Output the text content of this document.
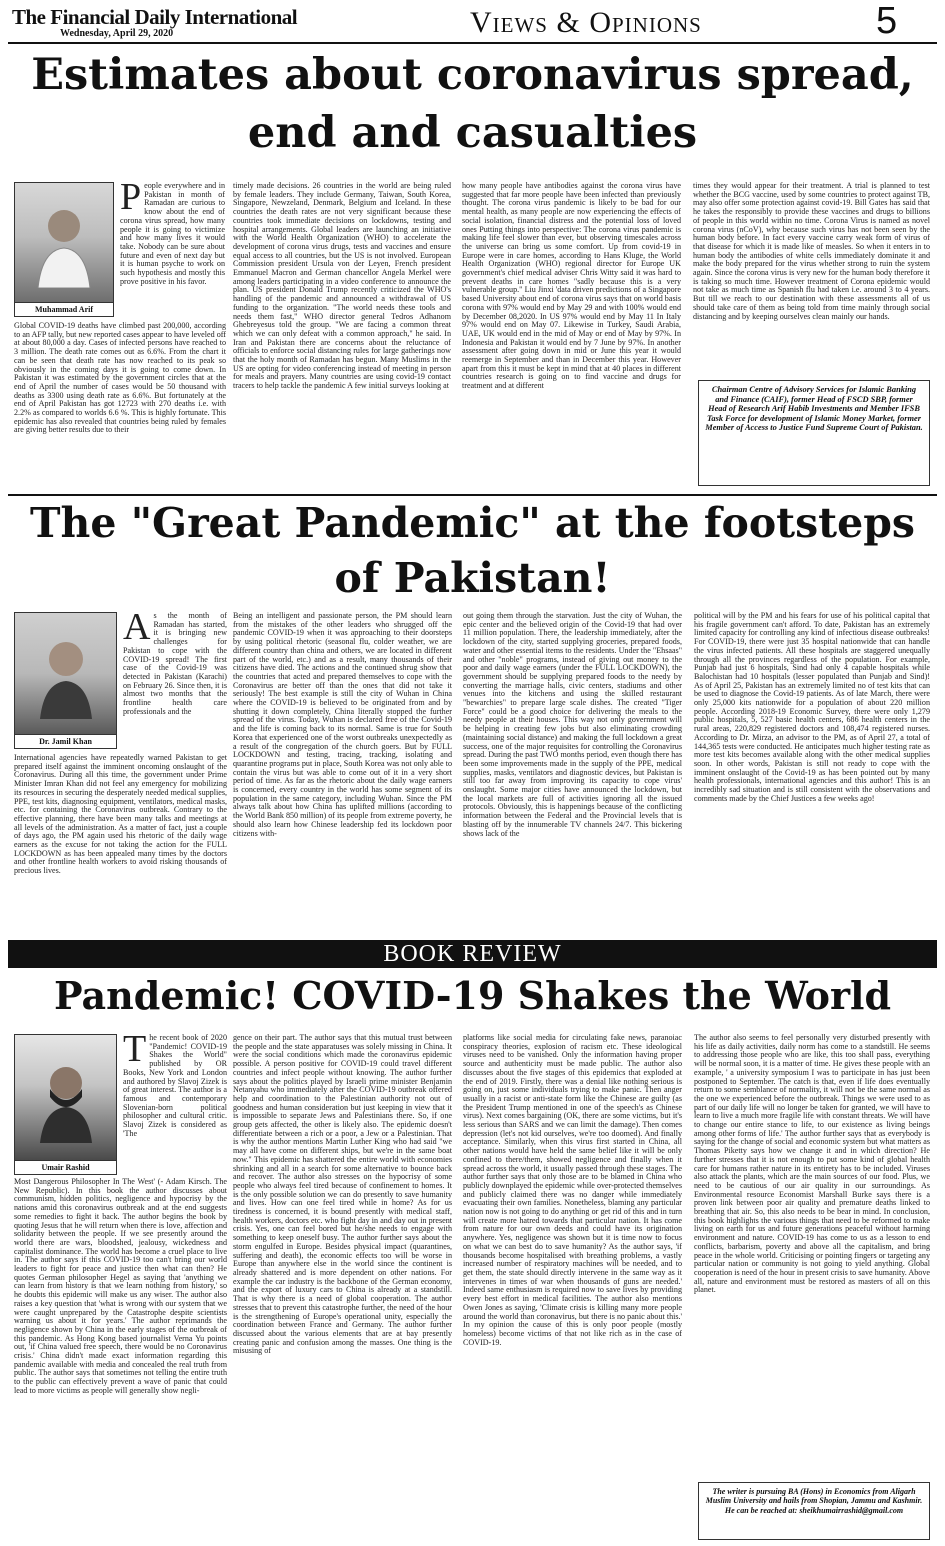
The Financial Daily International
Wednesday, April 29, 2020	Views & Opinions	5
Estimates about coronavirus spread,
end and casualties
Muhammad Arif
People everywhere and in Pakistan in month of Ramadan are curious to know about the end of corona virus spread, how many people it is going to victimize and how many lives it would take. Nobody can be sure about future and even of next day but it is human psyche to work on such hypothesis and mostly this prove positive in his favor.
Global COVID-19 deaths have climbed past 200,000, according to an AFP tally, but new reported cases appear to have leveled off at about 80,000 a day. Cases of infected persons have reached to 3 million. The death rate comes out as 6.6%. From the chart it can be seen that death rate has now reached to its peak so obviously in the coming days it is going to come down. In Pakistan it was estimated by the government circles that at the end of April the number of cases would be 50 thousand with deaths as 3300 using death rate as 6.6%. But fortunately at the end of April Pakistan has got 12723 with 270 deaths i.e. with 2.2% as compared to worlds 6.6 %. This is highly fortunate. This epidemic has also revealed that countries being ruled by females are giving better results due to their
timely made decisions. 26 countries in the world are being ruled by female leaders. They include Germany, Taiwan, South Korea, Singapore, Newzeland, Denmark, Belgium and Iceland. In these countries the death rates are not very significant because these countries took immediate decisions on lockdowns, testing and hospital arrangements. Global leaders are launching an initiative with the World Health Organization (WHO) to accelerate the development of corona virus drugs, tests and vaccines and ensure equal access to all countries, but the US is not involved. European Commission president Ursula von der Leyen, French president Emmanuel Macron and German chancellor Angela Merkel were among leaders participating in a video conference to announce the plan. US president Donald Trump recently criticized the WHO's handling of the pandemic and announced a withdrawal of US funding to the organization. "The world needs these tools and needs them fast," WHO director general Tedros Adhanom Ghebreyesus told the group. "We are facing a common threat which we can only defeat with a common approach," he said. In Iran and Pakistan there are concerns about the reluctance of officials to enforce social distancing rules for large gatherings now that the holy month of Ramadan has begun. Many Muslims in the US are opting for video conferencing instead of meeting in person for meals and prayers. Many countries are using covid-19 contact tracers to help tackle the pandemic A few initial surveys looking at
how many people have antibodies against the corona virus have suggested that far more people have been infected than previously thought. The corona virus pandemic is likely to be bad for our mental health, as many people are now experiencing the effects of social isolation, financial distress and the potential loss of loved ones Putting things into perspective: The corona virus pandemic is making life feel slower than ever, but observing timescales across the universe can bring us some comfort. Up from covid-19 in Europe were in care homes, according to Hans Kluge, the World Health Organization (WHO) regional director for Europe UK government's chief medical adviser Chris Witty said it was hard to prevent deaths in care homes "sadly because this is a very vulnerable group." Liu Jinxi 'data driven predictions of a Singapore based University about end of corona virus says that on world basis corona with 97% would end by May 29 and with 100% would end by December 08,2020. In US 97% would end by May 11 In Italy 97% would end on May 07. Likewise in Turkey, Saudi Arabia, UAE, UK would end in the mid of May or end of May by 97%. In Indonesia and Pakistan it would end by 7 June by 97%. In another assessment after going down in mid or June this year it would reemerge in September and than in December this year. However apart from this it must be kept in mind that at 40 places in different countries research is going on to find vaccine and drugs for treatment and at different
times they would appear for their treatment. A trial is planned to test whether the BCG vaccine, used by some countries to protect against TB, may also offer some protection against covid-19. Bill Gates has said that he takes the responsibly to provide these vaccines and drugs to billions of people in this world within no time. Corona Virus is named as novel corona virus (nCoV), why because such virus has not been seen by the human body before. In fact every vaccine carry weak form of virus of that disease for which it is made like of measles. So when it enters in to human body the antibodies of white cells immediately dominate it and make the body prepared for the virus whether strong to ruin the system again. Since the corona virus is very new for the human body therefore it is taking so much time. However treatment of Corona epidemic would not take as much time as Spanish flu had taken i.e. around 3 to 4 years. But till we reach to our destination with these assessments all of us should take care of them as being told from time mainly through social distancing and by keeping ourselves clean mainly our hands.
Chairman Centre of Advisory Services for Islamic Banking and Finance (CAIF), former Head of FSCD SBP, former Head of Research Arif Habib Investments and Member IFSB Task Force for development of Islamic Money Market, former Member of Access to Justice Fund Supreme Court of Pakistan.
The "Great Pandemic" at the footsteps
of Pakistan!
Dr. Jamil Khan
As the month of Ramadan has started, it is bringing new challenges for Pakistan to cope with the COVID-19 spread! The first case of the Covid-19 was detected in Pakistan (Karachi) on February 26. Since then, it is almost two months that the frontline health care professionals and the
International agencies have repeatedly warned Pakistan to get prepared itself against the imminent oncoming onslaught of the Coronavirus. During all this time, the government under Prime Minister Imran Khan did not feel any emergency for mobilizing its resources in securing the desperately needed medical supplies, PPE, test kits, diagnosing equipment, ventilators, medical masks, etc. for containing the Coronavirus outbreak. Contrary to the effective planning, there have been many talks and meetings at all levels of the administration. As a matter of fact, just a couple of days ago, the PM again used his rhetoric of the daily wage earners as the excuse for not taking the action for the FULL LOCKDOWN as has been appealed many times by the doctors and other frontline health workers to avoid risking thousands of precious lives.
Being an intelligent and passionate person, the PM should learn from the mistakes of the other leaders who shrugged off the pandemic COVID-19 when it was approaching to their doorsteps by using political rhetoric (seasonal flu, colder weather, we are different country than china and others, we are located in different part of the world, etc.) and as a result, many thousands of their citizens have died. The actions and the continued shrug show that the countries that acted and prepared themselves to cope with the Coronavirus are better off than the ones that did not take it seriously! The best example is still the city of Wuhan in China where the COVID-19 is believed to be originated from and by shutting it down completely, China literally stopped the further spread of the virus. Today, Wuhan is declared free of the Covid-19 and the life is coming back to its normal. Same is true for South Korea that experienced one of the worst outbreaks unexpectedly as a result of the congregation of the church goers. But by FULL LOCKDOWN and testing, tracing, tracking, isolating and quarantine programs put in place, South Korea was not only able to contain the virus but was able to come out of it in a very short period of time. As far as the rhetoric about the daily wage earners is concerned, every country in the world has some segment of its population in the same category, including Wuhan. Since the PM always talk about how China has uplifted millions (according to the World Bank 850 million) of its people from extreme poverty, he should also learn how Chinese leadership fed its lockdown poor citizens with-
out going them through the starvation. Just the city of Wuhan, the epic center and the believed origin of the Covid-19 that had over 11 million population. There, the leadership immediately, after the lockdown of the city, started supplying groceries, prepared foods, water and other essential items to the residents. Under the "Ehsaas" and other "noble" programs, instead of giving out money to the poor and daily wage earners (under the FULL LOCKDOWN), the government should be supplying prepared foods to the needy by converting the marriage halls, civic centers, stadiums and other venues into the kitchens and using the skilled restaurant "bewarchies" to prepare large scale dishes. The created "Tiger Force" could be a good choice for delivering the meals to the needy people at their houses. This way not only government will be helping in creating few jobs but also eliminating crowding (maintaining social distance) and making the full lockdown a great success, one of the major requisites for controlling the Coronavirus spread. During the past TWO months period, even though there has been some improvements made in the supply of the PPE, medical supplies, masks, ventilators and diagnostic devices, but Pakistan is still too far away from improving its capacity to cope virus' onslaught. Some major cities have announced the lockdown, but the local markets are full of activities ignoring all the issued protocols. Obviously, this is happenings because of the conflicting information between the Federal and the Provincial levels that is blasting off by the innumerable TV channels 24/7. This bickering shows lack of the
political will by the PM and his fears for use of his political capital that his fragile government can't afford. To date, Pakistan has an extremely limited capacity for controlling any kind of infectious disease outbreaks! For COVID-19, there were just 35 hospital nationwide that can handle the virus infected patients. All these hospitals are staggered unequally through all the provinces regardless of the population. For example, Punjab had just 6 hospitals, Sind had only 4 capable hospitals while Balochistan had 10 hospitals (lesser populated than Punjab and Sind)! As of April 25, Pakistan has an extremely limited no of test kits that can be used to diagnose the Covid-19 patients. As of late March, there were only 25,000 kits nationwide for a population of about 220 million people. According 2018-19 Economic Survey, there were only 1,279 public hospitals, 5, 527 basic health centers, 686 health centers in the rural areas, 220,829 registered doctors and 108,474 registered nurses. According to Dr. Mirza, an advisor to the PM, as of April 27, a total of 144,365 tests were conducted. He anticipates much higher testing rate as more test kits becomes available along with the other medical supplies soon. In other words, Pakistan is still not ready to cope with the imminent onslaught of the Covid-19 as has been pointed out by many health professionals, international agencies and this author! This is an incredibly sad situation and is still consistent with the observations and comments made by the Chief Justices a few weeks ago!
BOOK REVIEW
Pandemic! COVID-19 Shakes the World
Umair Rashid
The recent book of 2020 "Pandemic! COVID-19 Shakes the World" published by OR Books, New York and London and authored by Slavoj Zizek is of great interest. The author is a famous and contemporary Slovenian-born political philosopher and cultural critic. Slavoj Zizek is considered as 'The
Most Dangerous Philosopher In The West' (- Adam Kirsch. The New Republic). In this book the author discusses about communism, hidden politics, negligence and hypocrisy by the nations amid this coronavirus outbreak and at the end suggests some remedies to fight it back. The author begins the book by quoting Jesus that he will return when there is love, affection and solidarity between the people. If we see presently around the world there are wars, bloodshed, jealousy, wickedness and capitalist dominance. The world has become a cruel place to live in. The author says if this COVID-19 too can't bring our world leaders to fight for peace and justice then what can then? He quotes German philosopher Hegel as saying that 'anything we can learn from history is that we learn nothing from history,' so he doubts this epidemic will make us any wiser. The author also raises a key question that 'what is wrong with our system that we were caught unprepared by the Catastrophe despite scientists warning us about it for years.' The author reprimands the negligence shown by China in the early stages of the outbreak of this pandemic. As Hong Kong based journalist Verna Yu points out, 'if China valued free speech, there would be no Coronavirus crisis.' China didn't made exact information regarding this pandemic available with media and concealed the real truth from public. The author says that sometimes not telling the entire truth to the public can effectively prevent a wave of panic that could lead to more victims as people will generally show negli-
gence on their part. The author says that this mutual trust between the people and the state apparatuses was solely missing in China. It were the social conditions which made the coronavirus epidemic possible. A person positive for COVID-19 could travel different countries and infect people without knowing. The author further says about the politics played by Israeli prime minister Benjamin Netanyahu who immediately after the COVID-19 outbreak offered help and coordination to the Palestinian authority not out of goodness and human consideration but just keeping in view that it is impossible to separate Jews and Palestinians there. So, if one group gets affected, the other is likely also. The epidemic doesn't differentiate between a rich or a poor, a Jew or a Palestinian. That is why the author mentions Martin Luther King who had said "we may all have come on different ships, but we're in the same boat now." This epidemic has shattered the entire world with economies shrinking and all in a search for some alternative to bounce back and recover. The author also stresses on the hypocrisy of some people who always feel tired because of confinement to homes. It is the only possible solution we can do presently to save humanity and lives. How can one feel tired while in home? As for us tiredness is concerned, it is bound presently with medical staff, health workers, doctors etc. who fight day in and day out in present crisis. Yes, one can feel bored but he/she needs to engage with something to keep oneself busy. The author further says about the storm engulfed in Europe. Besides physical impact (quarantines, suffering and death), the economic effects too will be worse in Europe than anywhere else in the world since the continent is already shattered and is more dependent on other nations. For example the car industry is the backbone of the German economy, and the export of luxury cars to China is already at a standstill. That is why there is a need of global cooperation. The author stresses that to prevent this catastrophe further, the need of the hour is the strengthening of Europe's operational unity, especially the coordination between France and Germany. The author further discussed about the various elements that are at bay presently creating panic and confusion among the masses. One thing is the misusing of
platforms like social media for circulating fake news, paranoiac conspiracy theories, explosion of racism etc. These ideological viruses need to be vanished. Only the information having proper source and authenticity must be made public. The author also discusses about the five stages of this epidemics that exploded at the end of 2019. Firstly, there was a denial like nothing serious is going on, just some individuals trying to make panic. Then anger usually in a racist or anti-state form like the Chinese are guilty (as the President Trump mentioned in one of the speech's as Chinese virus). Next comes bargaining (OK, there are some victims, but it's less serious than SARS and we can limit the damage). Then comes depression (let's not kid ourselves, we're too doomed). And finally acceptance. Similarly, when this virus first started in China, all other nations would have held the same belief like it will be only confined to there/them, showed negligence and finally when it spread across the world, it usually passed through these stages. The author further says that only those are to be blamed in China who publicly downplayed the epidemic while over-protected themselves and publicly claimed there was no danger while immediately evacuating their own families. Nonetheless, blaming any particular nation now is not going to do anything or get rid of this and in turn will create more hatred towards that particular nation. It has come from nature for our own deeds and could have its origination anywhere. Yes, negligence was shown but it is time now to focus on what we can best do to save humanity? As the author says, 'if thousands become hospitalised with breathing problems, a vastly increased number of respiratory machines will be needed, and to get them, the state should directly intervene in the same way as it intervenes in times of war when thousands of guns are needed.' Indeed same enthusiasm is required now to save lives by providing every best effort in medical facilities. The author also mentions Owen Jones as saying, 'Climate crisis is killing many more people around the world than coronavirus, but there is no panic about this.' In my opinion the cause of this is only poor people (mostly homeless) become victims of that not like rich as in the case of COVID-19.
The author also seems to feel personally very disturbed presently with his life as daily activities, daily norm has come to a standstill. He seems to addressing those people who are like, this too shall pass, everything will be normal soon, it is a matter of time. He gives these people with an example, ' a university symposium I was to participate in has just been postponed to September. The catch is that, even if life does eventually return to some semblance of normality, it will not be the same normal as the one we experienced before the outbreak. Things we were used to as part of our daily life will no longer be taken for granted, we will have to learn to live a much more fragile life with constant threats. We will have to change our entire stance to life, to our existence as living beings among other forms of life.' The author further says that as everybody is saying for the change of social and economic system but what matters as Thomas Piketty says how we change it and in which direction? He further stresses that it is not enough to put some kind of global health care for humans rather nature in its entirety has to be included. Viruses also attack the plants, which are the main sources of our food. Plus, we need to be cautious of our air quality in our surroundings. As Environmental resource Economist Marshall Burke says there is a proven link between poor air quality and premature deaths linked to breathing that air. So, this also needs to be bear in mind. In conclusion, this book highlights the various things that need to be reformed to make living on earth for us and future generations peaceful without harming environment and nature. COVID-19 has come to us as a lesson to end conflicts, barbarism, poverty and above all the capitalism, and bring peace in the whole world. Criticising or pointing fingers or targeting any particular nation or community is not going to yield anything. Global cooperation is need of the hour in present crisis to save humanity. Above all, nature and environment must be restored as masters of all on this planet.
The writer is pursuing BA (Hons) in Economics from Aligarh Muslim University and hails from Shopian, Jammu and Kashmir. He can be reached at: sheikhumairrashid@gmail.com
